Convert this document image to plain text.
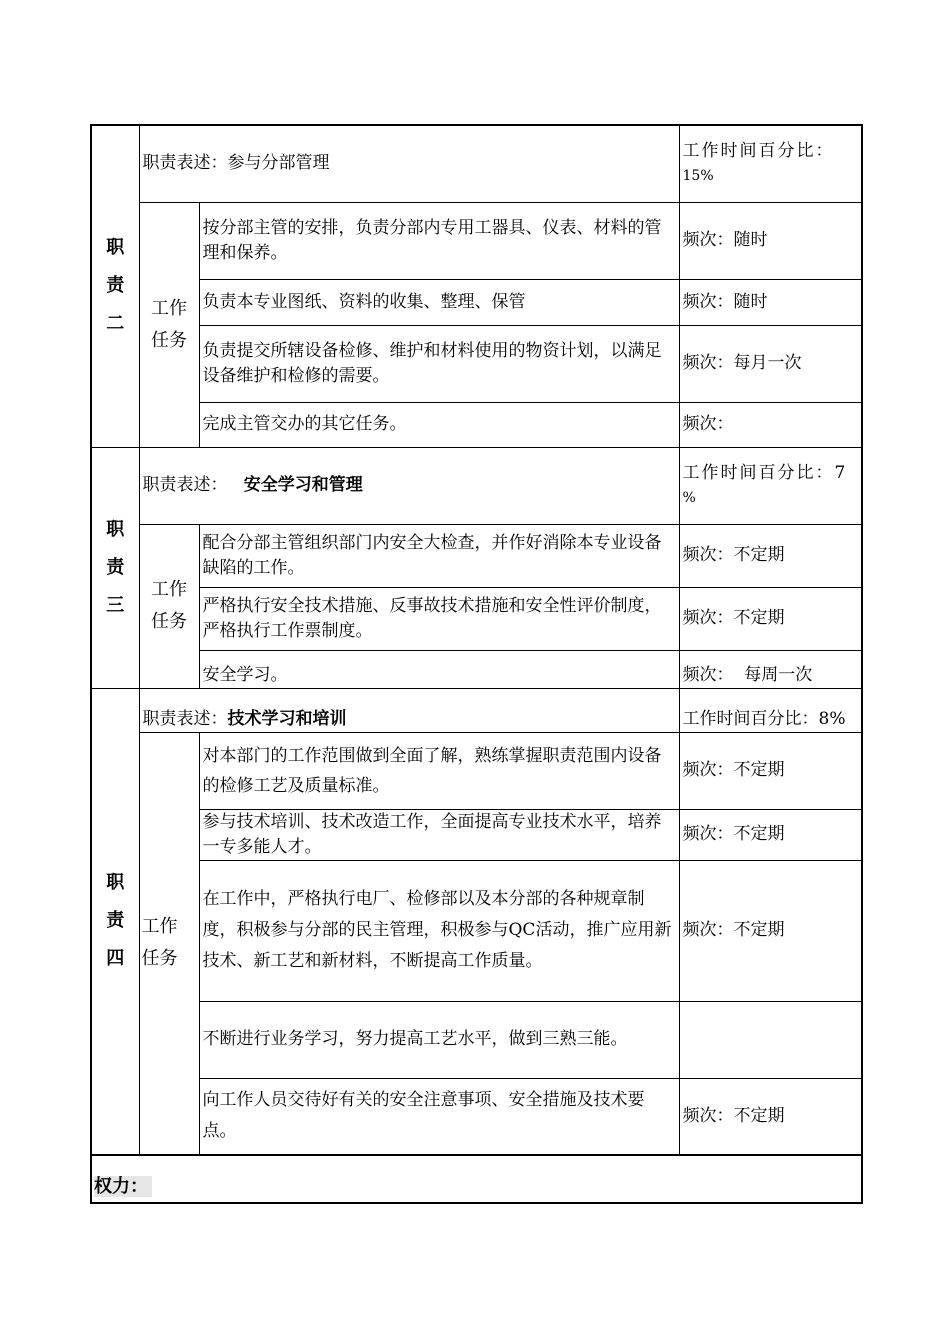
职
责
二	职责表述：参与分部管理		工作时间百分比：
15%

	工作
任务	按分部主管的安排，负责分部内专用工器具、仪表、材料的管理和保养。	频次：随时
		负责本专业图纸、资料的收集、整理、保管	频次：随时
		负责提交所辖设备检修、维护和材料使用的物资计划，以满足设备维护和检修的需要。	频次：每月一次
		完成主管交办的其它任务。	频次：
职
责
三	职责表述： 安全学习和管理		工作时间百分比：7
%

	工作
任务	配合分部主管组织部门内安全大检查，并作好消除本专业设备缺陷的工作。	频次：不定期
		严格执行安全技术措施、反事故技术措施和安全性评价制度，严格执行工作票制度。	频次：不定期
		安全学习。	频次：  每周一次
职
责
四	职责表述：技术学习和培训		工作时间百分比：8%
	工作
任务	对本部门的工作范围做到全面了解，熟练掌握职责范围内设备的检修工艺及质量标准。	频次：不定期
		参与技术培训、技术改造工作，全面提高专业技术水平，培养一专多能人才。	频次：不定期
		在工作中，严格执行电厂、检修部以及本分部的各种规章制度，积极参与分部的民主管理，积极参与QC活动，推广应用新技术、新工艺和新材料，不断提高工作质量。	频次：不定期
		不断进行业务学习，努力提高工艺水平，做到三熟三能。	
		向工作人员交待好有关的安全注意事项、安全措施及技术要点。	频次：不定期
权力：			
